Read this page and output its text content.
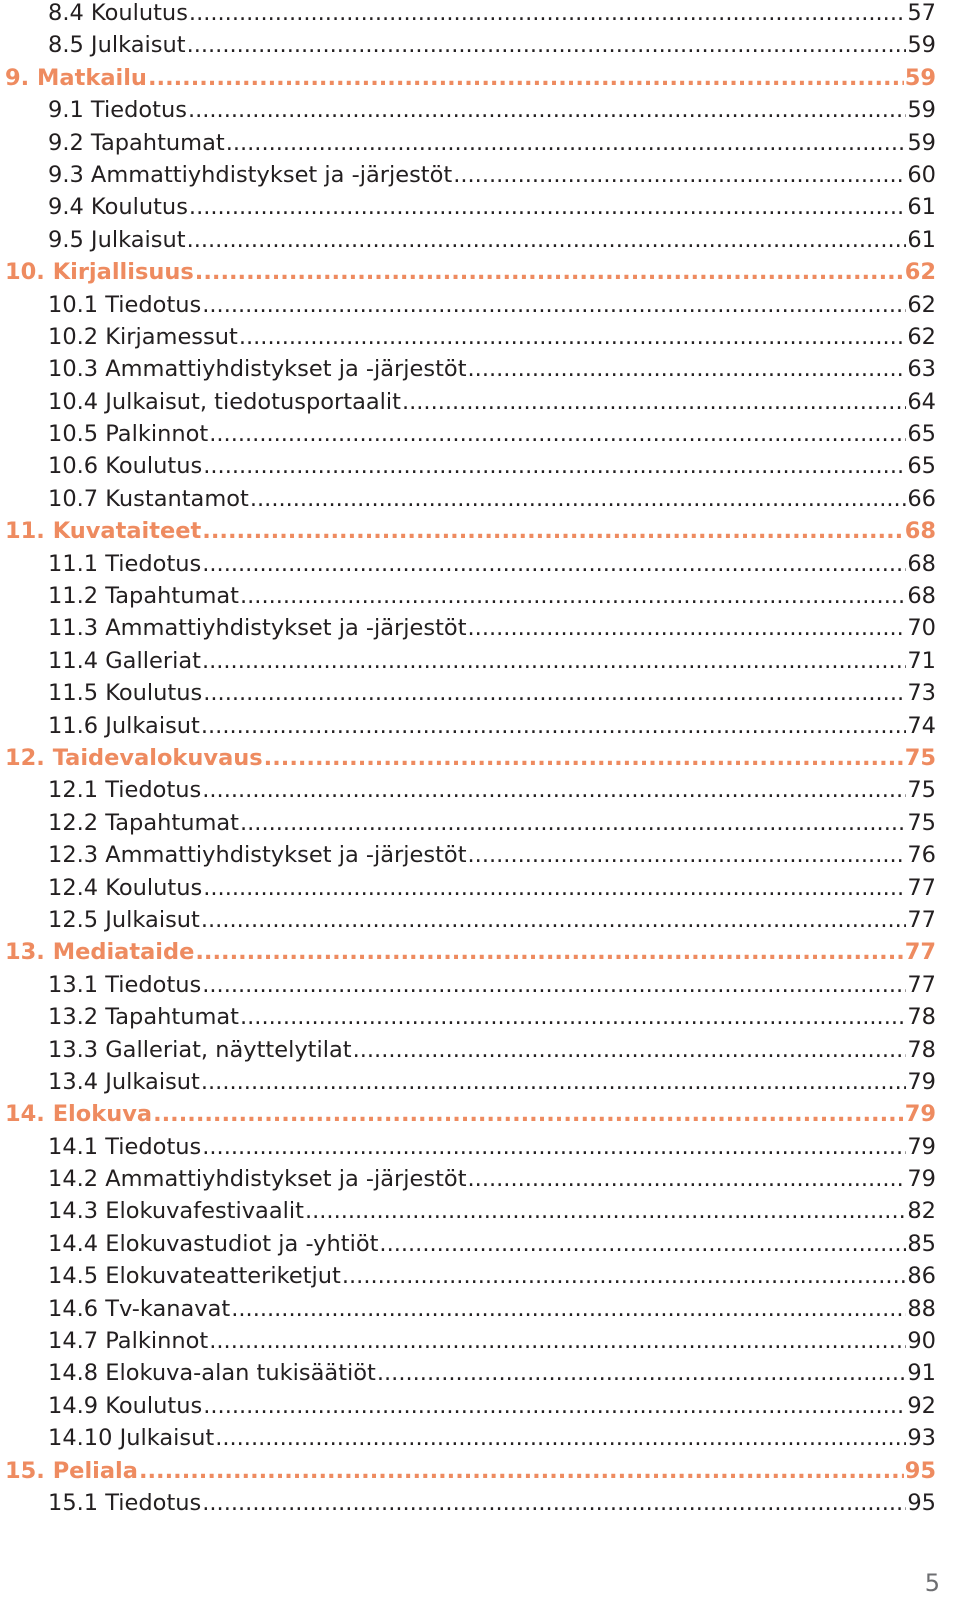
8.4 Koulutus .....	57
8.5 Julkaisut .....	59
9. Matkailu .....	59
9.1 Tiedotus .....	59
9.2 Tapahtumat .....	59
9.3 Ammattiyhdistykset ja -järjestöt .....	60
9.4 Koulutus .....	61
9.5 Julkaisut .....	61
10. Kirjallisuus .....	62
10.1 Tiedotus .....	62
10.2 Kirjamessut .....	62
10.3 Ammattiyhdistykset ja -järjestöt .....	63
10.4 Julkaisut, tiedotusportaalit .....	64
10.5 Palkinnot .....	65
10.6 Koulutus .....	65
10.7 Kustantamot .....	66
11. Kuvataiteet .....	68
11.1 Tiedotus .....	68
11.2 Tapahtumat .....	68
11.3 Ammattiyhdistykset ja -järjestöt .....	70
11.4 Galleriat .....	71
11.5 Koulutus .....	73
11.6 Julkaisut .....	74
12. Taidevalokuvaus .....	75
12.1 Tiedotus .....	75
12.2 Tapahtumat .....	75
12.3 Ammattiyhdistykset ja -järjestöt .....	76
12.4 Koulutus .....	77
12.5 Julkaisut .....	77
13. Mediataide .....	77
13.1 Tiedotus .....	77
13.2 Tapahtumat .....	78
13.3 Galleriat, näyttelytilat .....	78
13.4 Julkaisut .....	79
14. Elokuva .....	79
14.1 Tiedotus .....	79
14.2 Ammattiyhdistykset ja -järjestöt .....	79
14.3 Elokuvafestivaalit .....	82
14.4 Elokuvastudiot ja -yhtiöt .....	85
14.5 Elokuvateatteriketjut .....	86
14.6 Tv-kanavat .....	88
14.7 Palkinnot .....	90
14.8 Elokuva-alan tukisäätiöt .....	91
14.9 Koulutus .....	92
14.10 Julkaisut .....	93
15. Peliala .....	95
15.1 Tiedotus .....	95
5
